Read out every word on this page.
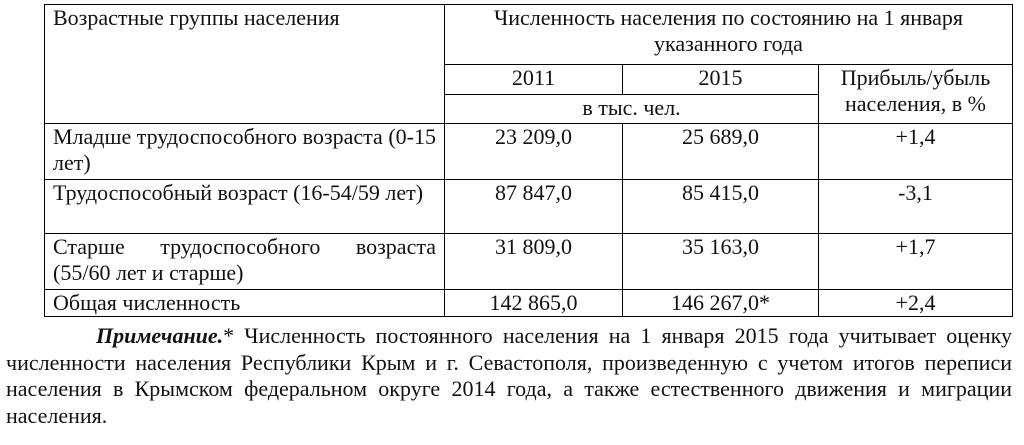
Возрастные группы населения	Численность населения по состоянию на 1 января указанного года		
	2011	2015	Прибыль/убыль населения, в %
	в тыс. чел.		
Младше трудоспособного возраста (0-15 лет)	23 209,0	25 689,0	+1,4
Трудоспособный возраст (16-54/59 лет)	87 847,0	85 415,0	-3,1
Старше трудоспособного возраста (55/60 лет и старше)	31 809,0	35 163,0	+1,7
Общая численность	142 865,0	146 267,0*	+2,4
Примечание.* Численность постоянного населения на 1 января 2015 года учитывает оценку численности населения Республики Крым и г. Севастополя, произведенную с учетом итогов переписи населения в Крымском федеральном округе 2014 года, а также естественного движения и миграции населения.
